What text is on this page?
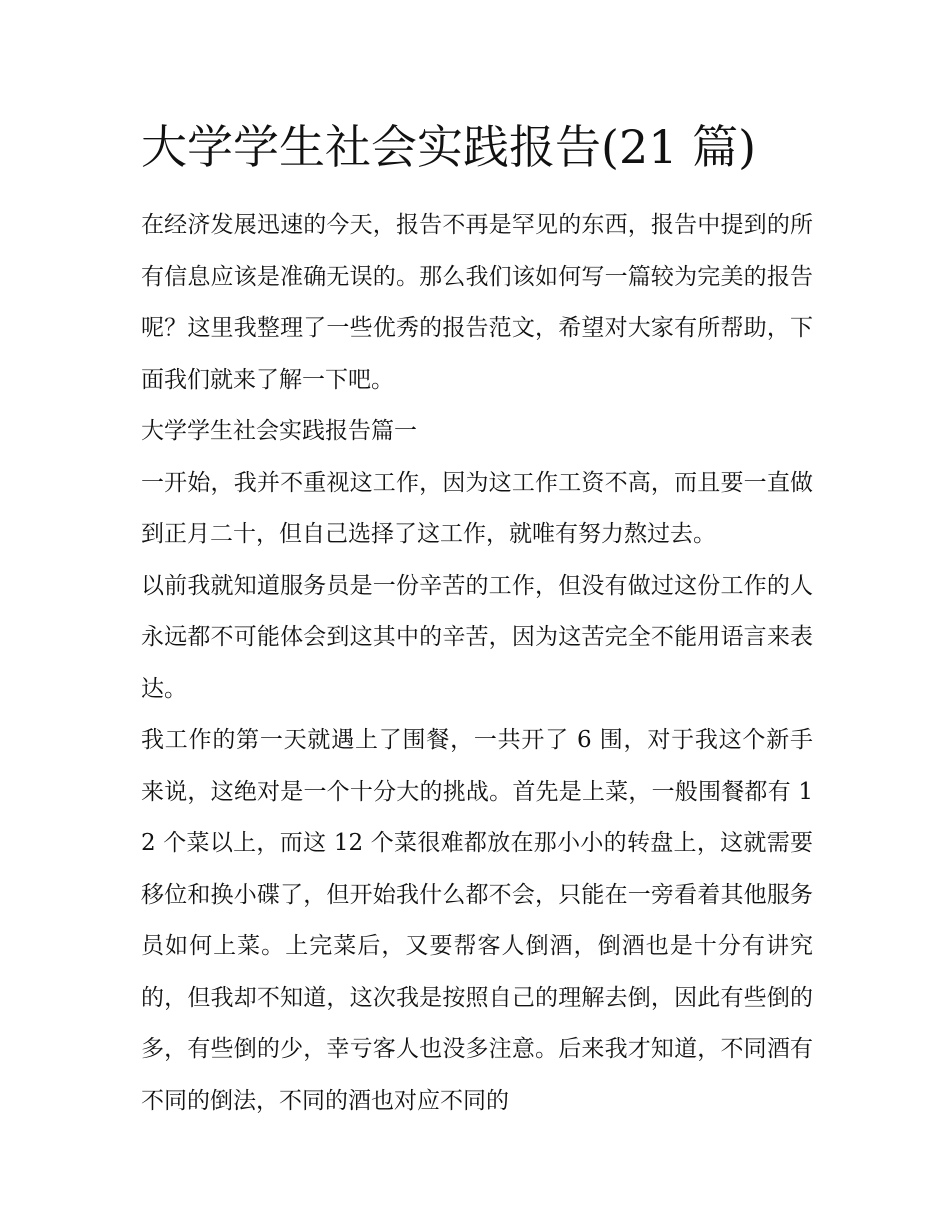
大学学生社会实践报告(21 篇)

在经济发展迅速的今天，报告不再是罕见的东西，报告中提到的所有信息应该是准确无误的。那么我们该如何写一篇较为完美的报告呢？这里我整理了一些优秀的报告范文，希望对大家有所帮助，下面我们就来了解一下吧。

大学学生社会实践报告篇一

一开始，我并不重视这工作，因为这工作工资不高，而且要一直做到正月二十，但自己选择了这工作，就唯有努力熬过去。

以前我就知道服务员是一份辛苦的工作，但没有做过这份工作的人永远都不可能体会到这其中的辛苦，因为这苦完全不能用语言来表达。

我工作的第一天就遇上了围餐，一共开了 6 围，对于我这个新手来说，这绝对是一个十分大的挑战。首先是上菜，一般围餐都有 12 个菜以上，而这 12 个菜很难都放在那小小的转盘上，这就需要移位和换小碟了，但开始我什么都不会，只能在一旁看着其他服务员如何上菜。上完菜后，又要帮客人倒酒，倒酒也是十分有讲究的，但我却不知道，这次我是按照自己的理解去倒，因此有些倒的多，有些倒的少，幸亏客人也没多注意。后来我才知道，不同酒有不同的倒法，不同的酒也对应不同的
